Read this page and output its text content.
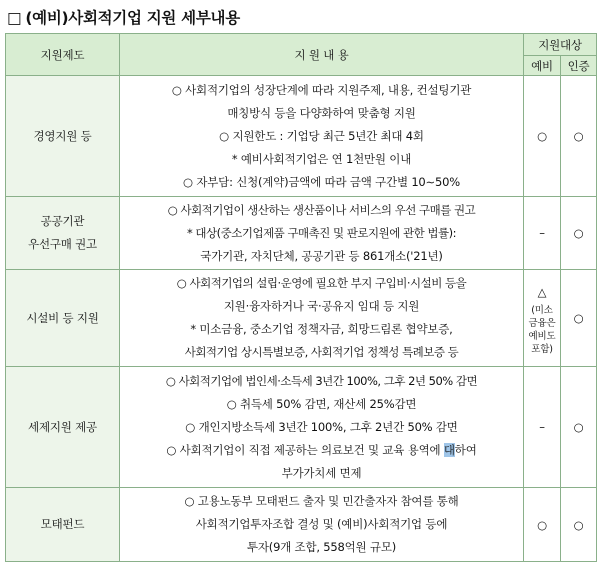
□ (예비)사회적기업 지원 세부내용
지원제도	지 원 내 용	지원대상	
		예비	인증

경영지원 등	○ 사회적기업의 성장단계에 따라 지원주제, 내용, 컨설팅기관
매칭방식 등을 다양화하여 맞춤형 지원
○ 지원한도 : 기업당 최근 5년간 최대 4회
* 예비사회적기업은 연 1천만원 이내
○ 자부담: 신청(계약)금액에 따라 금액 구간별 10∼50%	○	○

공공기관
우선구매 권고	○ 사회적기업이 생산하는 생산품이나 서비스의 우선 구매를 권고
* 대상(중소기업제품 구매촉진 및 판로지원에 관한 법률):
국가기관, 자치단체, 공공기관 등 861개소('21년)	–	○

시설비 등 지원	○ 사회적기업의 설립·운영에 필요한 부지 구입비·시설비 등을
지원·융자하거나 국·공유지 임대 등 지원
* 미소금융, 중소기업 정책자금, 희망드림론 협약보증,
사회적기업 상시특별보증, 사회적기업 정책성 특례보증 등	△
(미소
금융은
예비도
포함)	○

세제지원 제공	○ 사회적기업에 법인세·소득세 3년간 100%, 그후 2년 50% 감면
○ 취득세 50% 감면, 재산세 25%감면
○ 개인지방소득세 3년간 100%, 그후 2년간 50% 감면
○ 사회적기업이 직접 제공하는 의료보건 및 교육 용역에 대하여
부가가치세 면제	–	○

모태펀드	○ 고용노동부 모태펀드 출자 및 민간출자자 참여를 통해
사회적기업투자조합 결성 및 (예비)사회적기업 등에
투자(9개 조합, 558억원 규모)	○	○
